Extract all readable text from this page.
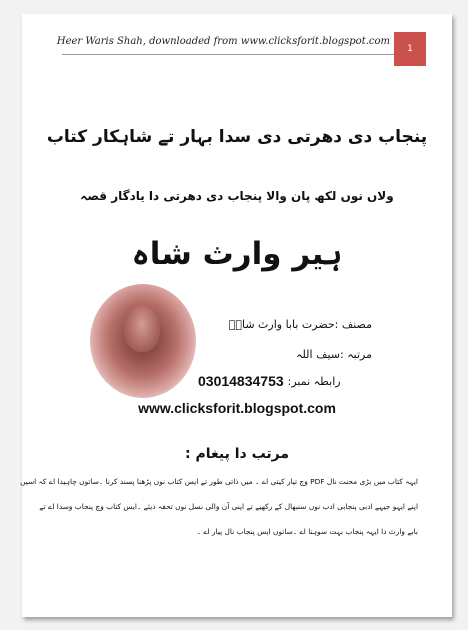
Heer Waris Shah, downloaded from www.clicksforit.blogspot.com
1
پنجاب دی دھرتی دی سدا بہار تے شاہکار کتاب
ولاں نوں لکھ پان والا پنجاب دی دھرتی دا یادگار قصہ
ہیر وارث شاہ
مصنف :حضرت بابا وارث شاہؒ
مرتبہ :سیف اللہ
03014834753 رابطہ نمبر:
www.clicksforit.blogspot.com
مرتب دا پیغام :
ایہہ کتاب میں بڑی محنت نال PDF وچ تیار کیتی اے ۔ میں ذاتی طور تے ایس کتاب نوں پڑھنا پسند کرنا ۔ساتوں چاہیدا اے کہ اسیں
اپنے ایہو جیہے ادبی پنجابی ادب نوں سنبھال کے رکھیے تے اپنی آن والی نسل نوں تحفہ دیئے ۔ایس کتاب وچ پنجاب وسدا اے تے
بابے وارث دا ایہہ پنجاب بہت سوہنا اے ۔ساتوں ایس پنجاب نال پیار اے ۔
